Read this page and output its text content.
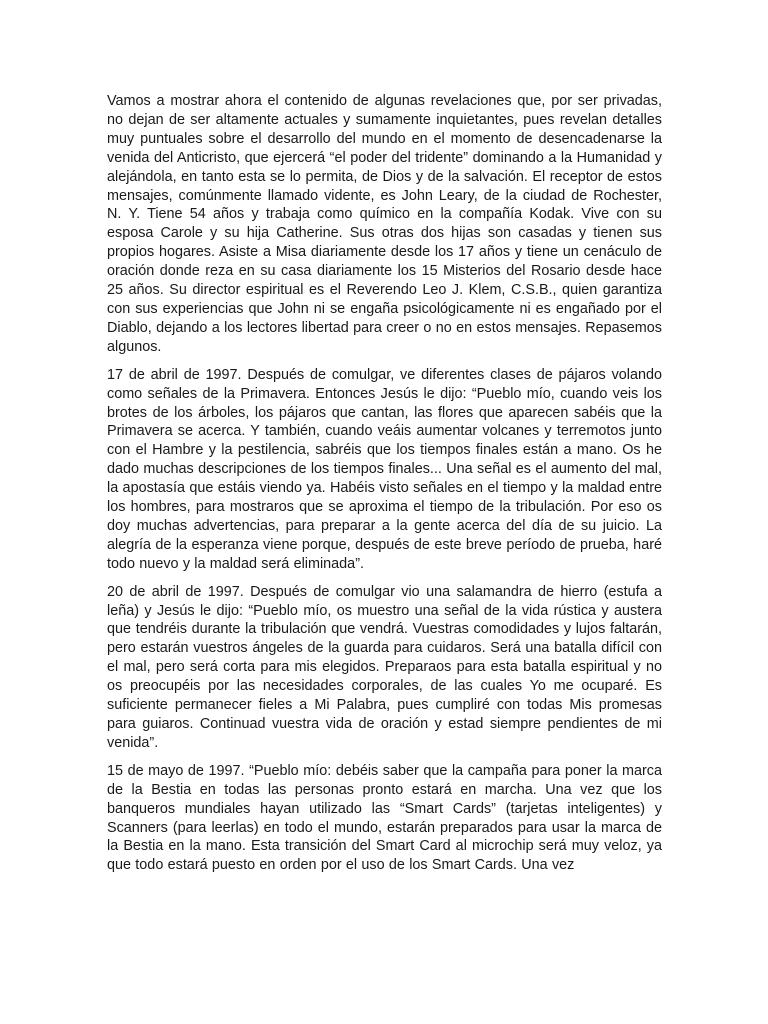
Vamos a mostrar ahora el contenido de algunas revelaciones que, por ser privadas, no dejan de ser altamente actuales y sumamente inquietantes, pues revelan detalles muy puntuales sobre el desarrollo del mundo en el momento de desencadenarse la venida del Anticristo, que ejercerá “el poder del tridente” dominando a la Humanidad y alejándola, en tanto esta se lo permita, de Dios y de la salvación. El receptor de estos mensajes, comúnmente llamado vidente, es John Leary, de la ciudad de Rochester, N. Y. Tiene 54 años y trabaja como químico en la compañía Kodak. Vive con su esposa Carole y su hija Catherine. Sus otras dos hijas son casadas y tienen sus propios hogares. Asiste a Misa diariamente desde los 17 años y tiene un cenáculo de oración donde reza en su casa diariamente los 15 Misterios del Rosario desde hace 25 años. Su director espiritual es el Reverendo Leo J. Klem, C.S.B., quien garantiza con sus experiencias que John ni se engaña psicológicamente ni es engañado por el Diablo, dejando a los lectores libertad para creer o no en estos mensajes. Repasemos algunos.

17 de abril de 1997. Después de comulgar, ve diferentes clases de pájaros volando como señales de la Primavera. Entonces Jesús le dijo: “Pueblo mío, cuando veis los brotes de los árboles, los pájaros que cantan, las flores que aparecen sabéis que la Primavera se acerca. Y también, cuando veáis aumentar volcanes y terremotos junto con el Hambre y la pestilencia, sabréis que los tiempos finales están a mano. Os he dado muchas descripciones de los tiempos finales... Una señal es el aumento del mal, la apostasía que estáis viendo ya. Habéis visto señales en el tiempo y la maldad entre los hombres, para mostraros que se aproxima el tiempo de la tribulación. Por eso os doy muchas advertencias, para preparar a la gente acerca del día de su juicio. La alegría de la esperanza viene porque, después de este breve período de prueba, haré todo nuevo y la maldad será eliminada”.

20 de abril de 1997. Después de comulgar vio una salamandra de hierro (estufa a leña) y Jesús le dijo: “Pueblo mío, os muestro una señal de la vida rústica y austera que tendréis durante la tribulación que vendrá. Vuestras comodidades y lujos faltarán, pero estarán vuestros ángeles de la guarda para cuidaros. Será una batalla difícil con el mal, pero será corta para mis elegidos. Preparaos para esta batalla espiritual y no os preocupéis por las necesidades corporales, de las cuales Yo me ocuparé. Es suficiente permanecer fieles a Mi Palabra, pues cumpliré con todas Mis promesas para guiaros. Continuad vuestra vida de oración y estad siempre pendientes de mi venida”.

15 de mayo de 1997. “Pueblo mío: debéis saber que la campaña para poner la marca de la Bestia en todas las personas pronto estará en marcha. Una vez que los banqueros mundiales hayan utilizado las “Smart Cards” (tarjetas inteligentes) y Scanners (para leerlas) en todo el mundo, estarán preparados para usar la marca de la Bestia en la mano. Esta transición del Smart Card al microchip será muy veloz, ya que todo estará puesto en orden por el uso de los Smart Cards. Una vez
